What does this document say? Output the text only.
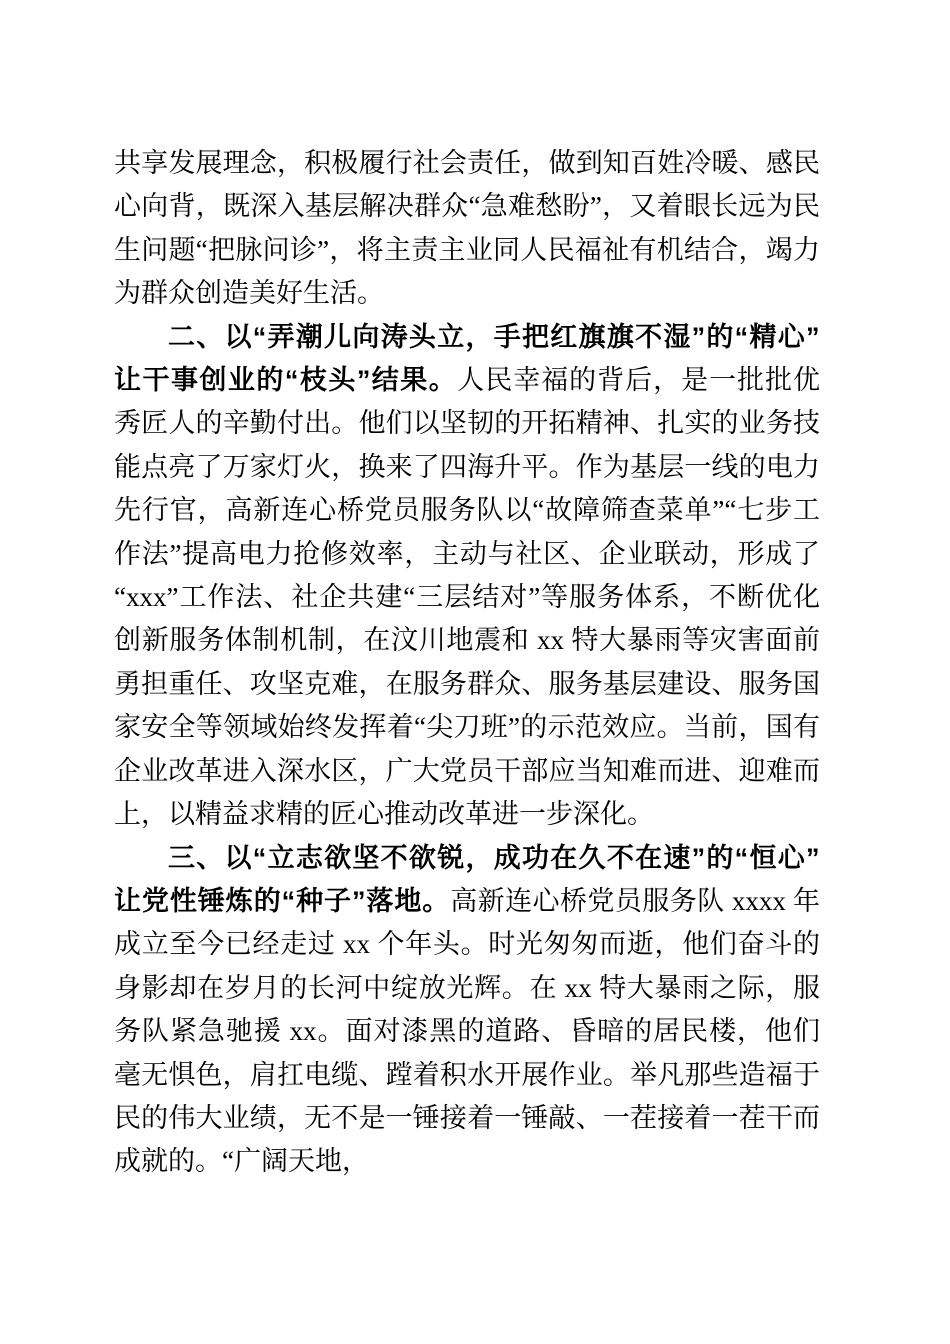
共享发展理念，积极履行社会责任，做到知百姓冷暖、感民心向背，既深入基层解决群众“急难愁盼”，又着眼长远为民生问题“把脉问诊”，将主责主业同人民福祉有机结合，竭力为群众创造美好生活。

二、以“弄潮儿向涛头立，手把红旗旗不湿”的“精心”让干事创业的“枝头”结果。人民幸福的背后，是一批批优秀匠人的辛勤付出。他们以坚韧的开拓精神、扎实的业务技能点亮了万家灯火，换来了四海升平。作为基层一线的电力先行官，高新连心桥党员服务队以“故障筛查菜单”“七步工作法”提高电力抢修效率，主动与社区、企业联动，形成了“xxx”工作法、社企共建“三层结对”等服务体系，不断优化创新服务体制机制，在汶川地震和 xx 特大暴雨等灾害面前勇担重任、攻坚克难，在服务群众、服务基层建设、服务国家安全等领域始终发挥着“尖刀班”的示范效应。当前，国有企业改革进入深水区，广大党员干部应当知难而进、迎难而上，以精益求精的匠心推动改革进一步深化。

三、以“立志欲坚不欲锐，成功在久不在速”的“恒心”让党性锤炼的“种子”落地。高新连心桥党员服务队 xxxx 年成立至今已经走过 xx 个年头。时光匆匆而逝，他们奋斗的身影却在岁月的长河中绽放光辉。在 xx 特大暴雨之际，服务队紧急驰援 xx。面对漆黑的道路、昏暗的居民楼，他们毫无惧色，肩扛电缆、蹚着积水开展作业。举凡那些造福于民的伟大业绩，无不是一锤接着一锤敲、一茬接着一茬干而成就的。“广阔天地，
